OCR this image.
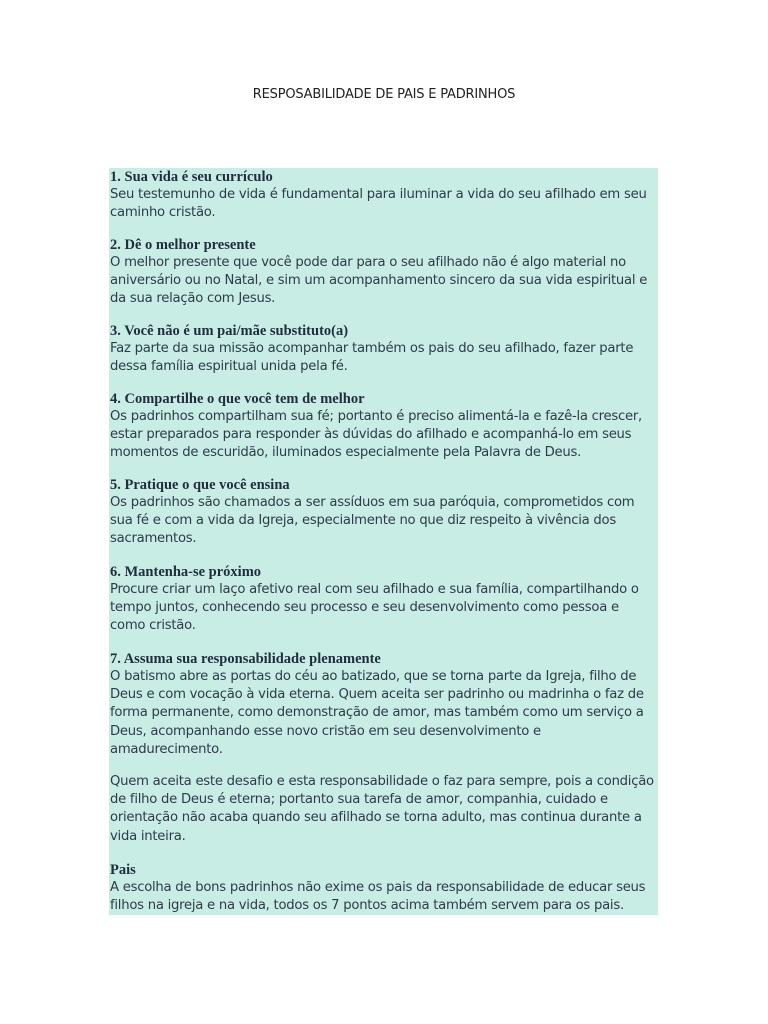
RESPOSABILIDADE DE PAIS E PADRINHOS
1. Sua vida é seu currículo
Seu testemunho de vida é fundamental para iluminar a vida do seu afilhado em seu
caminho cristão.
2. Dê o melhor presente
O melhor presente que você pode dar para o seu afilhado não é algo material no
aniversário ou no Natal, e sim um acompanhamento sincero da sua vida espiritual e
da sua relação com Jesus.
3. Você não é um pai/mãe substituto(a)
Faz parte da sua missão acompanhar também os pais do seu afilhado, fazer parte
dessa família espiritual unida pela fé.
4. Compartilhe o que você tem de melhor
Os padrinhos compartilham sua fé; portanto é preciso alimentá-la e fazê-la crescer,
estar preparados para responder às dúvidas do afilhado e acompanhá-lo em seus
momentos de escuridão, iluminados especialmente pela Palavra de Deus.
5. Pratique o que você ensina
Os padrinhos são chamados a ser assíduos em sua paróquia, comprometidos com
sua fé e com a vida da Igreja, especialmente no que diz respeito à vivência dos
sacramentos.
6. Mantenha-se próximo
Procure criar um laço afetivo real com seu afilhado e sua família, compartilhando o
tempo juntos, conhecendo seu processo e seu desenvolvimento como pessoa e
como cristão.
7. Assuma sua responsabilidade plenamente
O batismo abre as portas do céu ao batizado, que se torna parte da Igreja, filho de
Deus e com vocação à vida eterna. Quem aceita ser padrinho ou madrinha o faz de
forma permanente, como demonstração de amor, mas também como um serviço a
Deus, acompanhando esse novo cristão em seu desenvolvimento e
amadurecimento.
Quem aceita este desafio e esta responsabilidade o faz para sempre, pois a condição
de filho de Deus é eterna; portanto sua tarefa de amor, companhia, cuidado e
orientação não acaba quando seu afilhado se torna adulto, mas continua durante a
vida inteira.
Pais
A escolha de bons padrinhos não exime os pais da responsabilidade de educar seus
filhos na igreja e na vida, todos os 7 pontos acima também servem para os pais.
